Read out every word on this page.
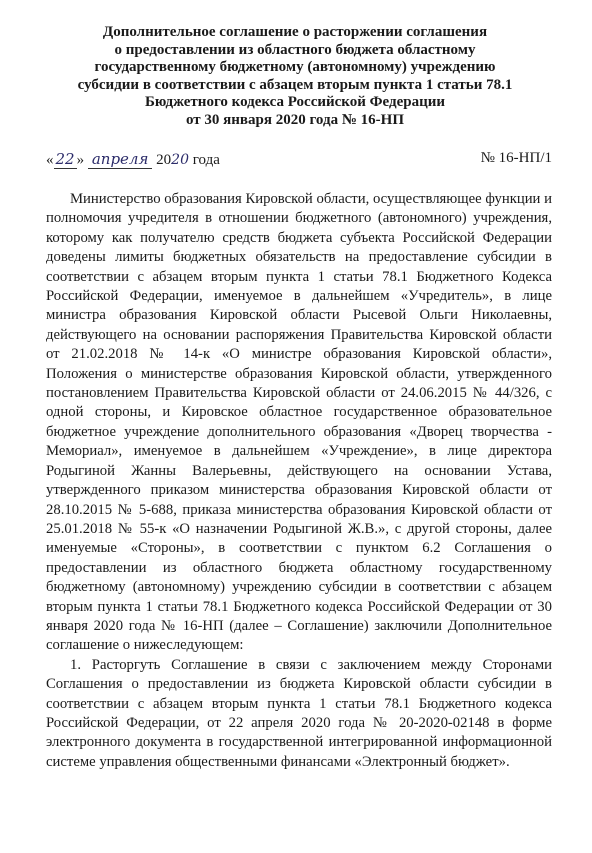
Дополнительное соглашение о расторжении соглашения
о предоставлении из областного бюджета областному
государственному бюджетному (автономному) учреждению
субсидии в соответствии с абзацем вторым пункта 1 статьи 78.1
Бюджетного кодекса Российской Федерации
от 30 января 2020 года № 16-НП
« 22 » апреля 2020 года	№ 16-НП/1

Министерство образования Кировской области, осуществляющее функции и полномочия учредителя в отношении бюджетного (автономного) учреждения, которому как получателю средств бюджета субъекта Российской Федерации доведены лимиты бюджетных обязательств на предоставление субсидии в соответствии с абзацем вторым пункта 1 статьи 78.1 Бюджетного Кодекса Российской Федерации, именуемое в дальнейшем «Учредитель», в лице министра образования Кировской области Рысевой Ольги Николаевны, действующего на основании распоряжения Правительства Кировской области от 21.02.2018 № 14-к «О министре образования Кировской области», Положения о министерстве образования Кировской области, утвержденного постановлением Правительства Кировской области от 24.06.2015 № 44/326, с одной стороны, и Кировское областное государственное образовательное бюджетное учреждение дополнительного образования «Дворец творчества - Мемориал», именуемое в дальнейшем «Учреждение», в лице директора Родыгиной Жанны Валерьевны, действующего на основании Устава, утвержденного приказом министерства образования Кировской области от 28.10.2015 № 5-688, приказа министерства образования Кировской области от 25.01.2018 № 55-к «О назначении Родыгиной Ж.В.», с другой стороны, далее именуемые «Стороны», в соответствии с пунктом 6.2 Соглашения о предоставлении из областного бюджета областному государственному бюджетному (автономному) учреждению субсидии в соответствии с абзацем вторым пункта 1 статьи 78.1 Бюджетного кодекса Российской Федерации от 30 января 2020 года № 16-НП (далее – Соглашение) заключили Дополнительное соглашение о нижеследующем:

1. Расторгуть Соглашение в связи с заключением между Сторонами Соглашения о предоставлении из бюджета Кировской области субсидии в соответствии с абзацем вторым пункта 1 статьи 78.1 Бюджетного кодекса Российской Федерации, от 22 апреля 2020 года № 20-2020-02148 в форме электронного документа в государственной интегрированной информационной системе управления общественными финансами «Электронный бюджет».
